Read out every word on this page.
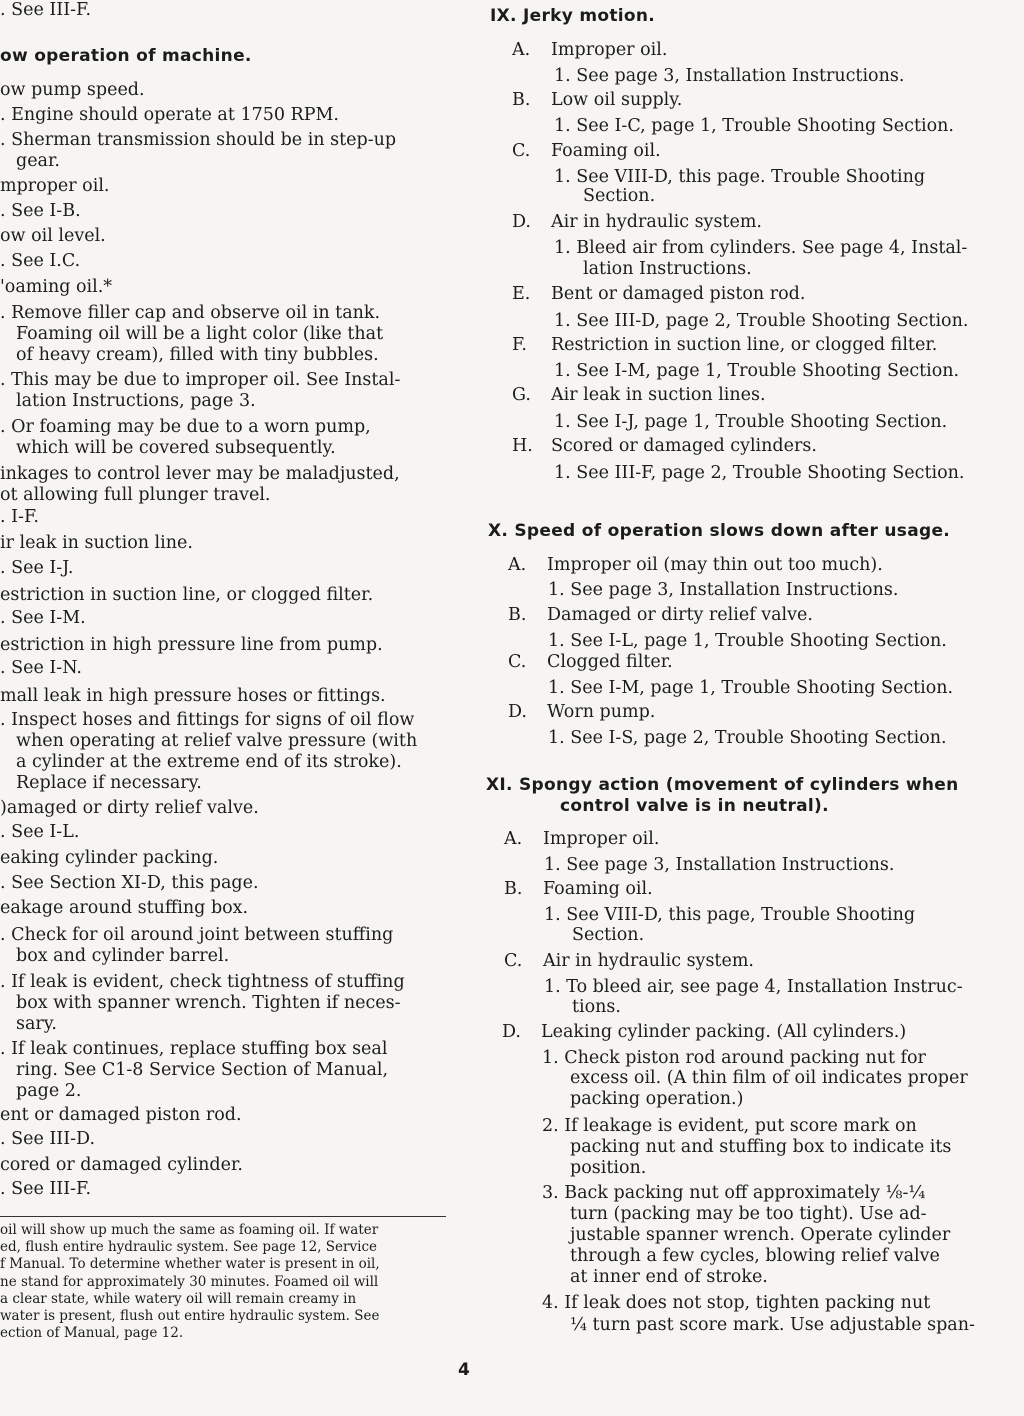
. See III-F.
ow operation of machine.
ow pump speed.
. Engine should operate at 1750 RPM.
. Sherman transmission should be in step-up
gear.
mproper oil.
. See I-B.
ow oil level.
. See I.C.
'oaming oil.*
. Remove filler cap and observe oil in tank.
Foaming oil will be a light color (like that
of heavy cream), filled with tiny bubbles.
. This may be due to improper oil. See Instal-
lation Instructions, page 3.
. Or foaming may be due to a worn pump,
which will be covered subsequently.
inkages to control lever may be maladjusted,
ot allowing full plunger travel.
. I-F.
ir leak in suction line.
. See I-J.
estriction in suction line, or clogged filter.
. See I-M.
estriction in high pressure line from pump.
. See I-N.
mall leak in high pressure hoses or fittings.
. Inspect hoses and fittings for signs of oil flow
when operating at relief valve pressure (with
a cylinder at the extreme end of its stroke).
Replace if necessary.
)amaged or dirty relief valve.
. See I-L.
eaking cylinder packing.
. See Section XI-D, this page.
eakage around stuffing box.
. Check for oil around joint between stuffing
box and cylinder barrel.
. If leak is evident, check tightness of stuffing
box with spanner wrench. Tighten if neces-
sary.
. If leak continues, replace stuffing box seal
ring. See C1-8 Service Section of Manual,
page 2.
ent or damaged piston rod.
. See III-D.
cored or damaged cylinder.
. See III-F.
IX. Jerky motion.
A. Improper oil.
1. See page 3, Installation Instructions.
B. Low oil supply.
1. See I-C, page 1, Trouble Shooting Section.
C. Foaming oil.
1. See VIII-D, this page. Trouble Shooting
Section.
D. Air in hydraulic system.
1. Bleed air from cylinders. See page 4, Instal-
lation Instructions.
E. Bent or damaged piston rod.
1. See III-D, page 2, Trouble Shooting Section.
F. Restriction in suction line, or clogged filter.
1. See I-M, page 1, Trouble Shooting Section.
G. Air leak in suction lines.
1. See I-J, page 1, Trouble Shooting Section.
H. Scored or damaged cylinders.
1. See III-F, page 2, Trouble Shooting Section.
X. Speed of operation slows down after usage.
A. Improper oil (may thin out too much).
1. See page 3, Installation Instructions.
B. Damaged or dirty relief valve.
1. See I-L, page 1, Trouble Shooting Section.
C. Clogged filter.
1. See I-M, page 1, Trouble Shooting Section.
D. Worn pump.
1. See I-S, page 2, Trouble Shooting Section.
XI. Spongy action (movement of cylinders when
control valve is in neutral).
A. Improper oil.
1. See page 3, Installation Instructions.
B. Foaming oil.
1. See VIII-D, this page, Trouble Shooting
Section.
C. Air in hydraulic system.
1. To bleed air, see page 4, Installation Instruc-
tions.
D. Leaking cylinder packing. (All cylinders.)
1. Check piston rod around packing nut for
excess oil. (A thin film of oil indicates proper
packing operation.)
2. If leakage is evident, put score mark on
packing nut and stuffing box to indicate its
position.
3. Back packing nut off approximately ⅛-¼
turn (packing may be too tight). Use ad-
justable spanner wrench. Operate cylinder
through a few cycles, blowing relief valve
at inner end of stroke.
4. If leak does not stop, tighten packing nut
¼ turn past score mark. Use adjustable span-
oil will show up much the same as foaming oil. If water
ed, flush entire hydraulic system. See page 12, Service
f Manual. To determine whether water is present in oil,
ne stand for approximately 30 minutes. Foamed oil will
a clear state, while watery oil will remain creamy in
water is present, flush out entire hydraulic system. See
ection of Manual, page 12.
4
